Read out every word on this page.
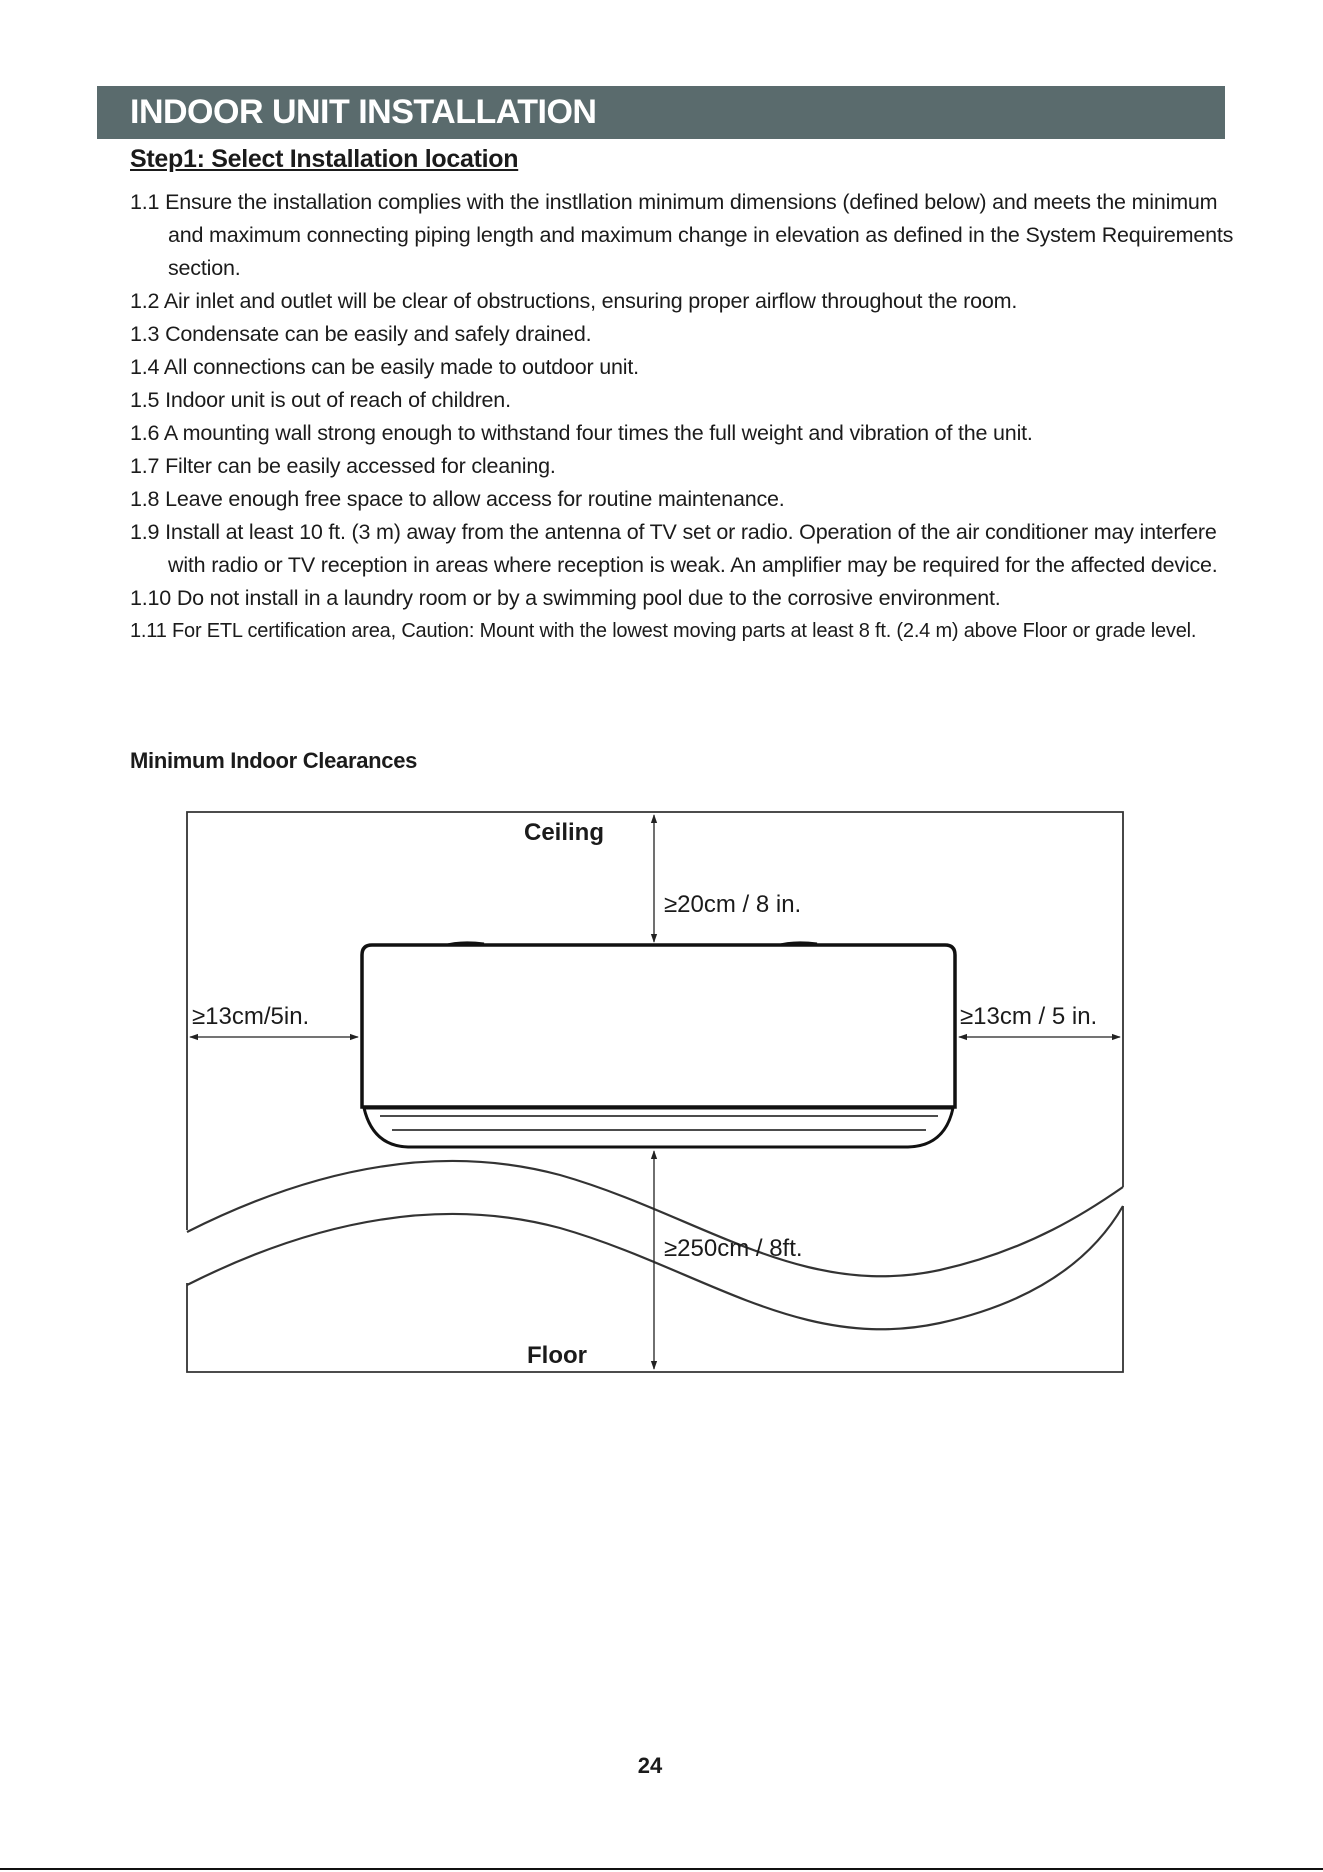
INDOOR UNIT INSTALLATION
Step1: Select Installation location
1.1 Ensure the installation complies with the instllation minimum dimensions (defined below) and meets the minimum and maximum connecting piping length and maximum change in elevation as defined in the System Requirements section.
1.2 Air inlet and outlet will be clear of obstructions, ensuring proper airflow throughout the room.
1.3 Condensate can be easily and safely drained.
1.4 All connections can be easily made to outdoor unit.
1.5 Indoor unit is out of reach of children.
1.6 A mounting wall strong enough to withstand four times the full weight and vibration of the unit.
1.7 Filter can be easily accessed for cleaning.
1.8 Leave enough free space to allow access for routine maintenance.
1.9 Install at least 10 ft. (3 m) away from the antenna of TV set or radio. Operation of the air conditioner may interfere with radio or TV reception in areas where reception is weak. An amplifier may be required for the affected device.
1.10 Do not install in a laundry room or by a swimming pool due to the corrosive environment.
1.11 For ETL certification area, Caution: Mount with the lowest moving parts at least 8 ft. (2.4 m) above Floor or grade level.
Minimum Indoor Clearances
Ceiling
Floor
≥20cm / 8 in.
≥13cm/5in.	≥13cm / 5 in.
≥250cm / 8ft.
24
